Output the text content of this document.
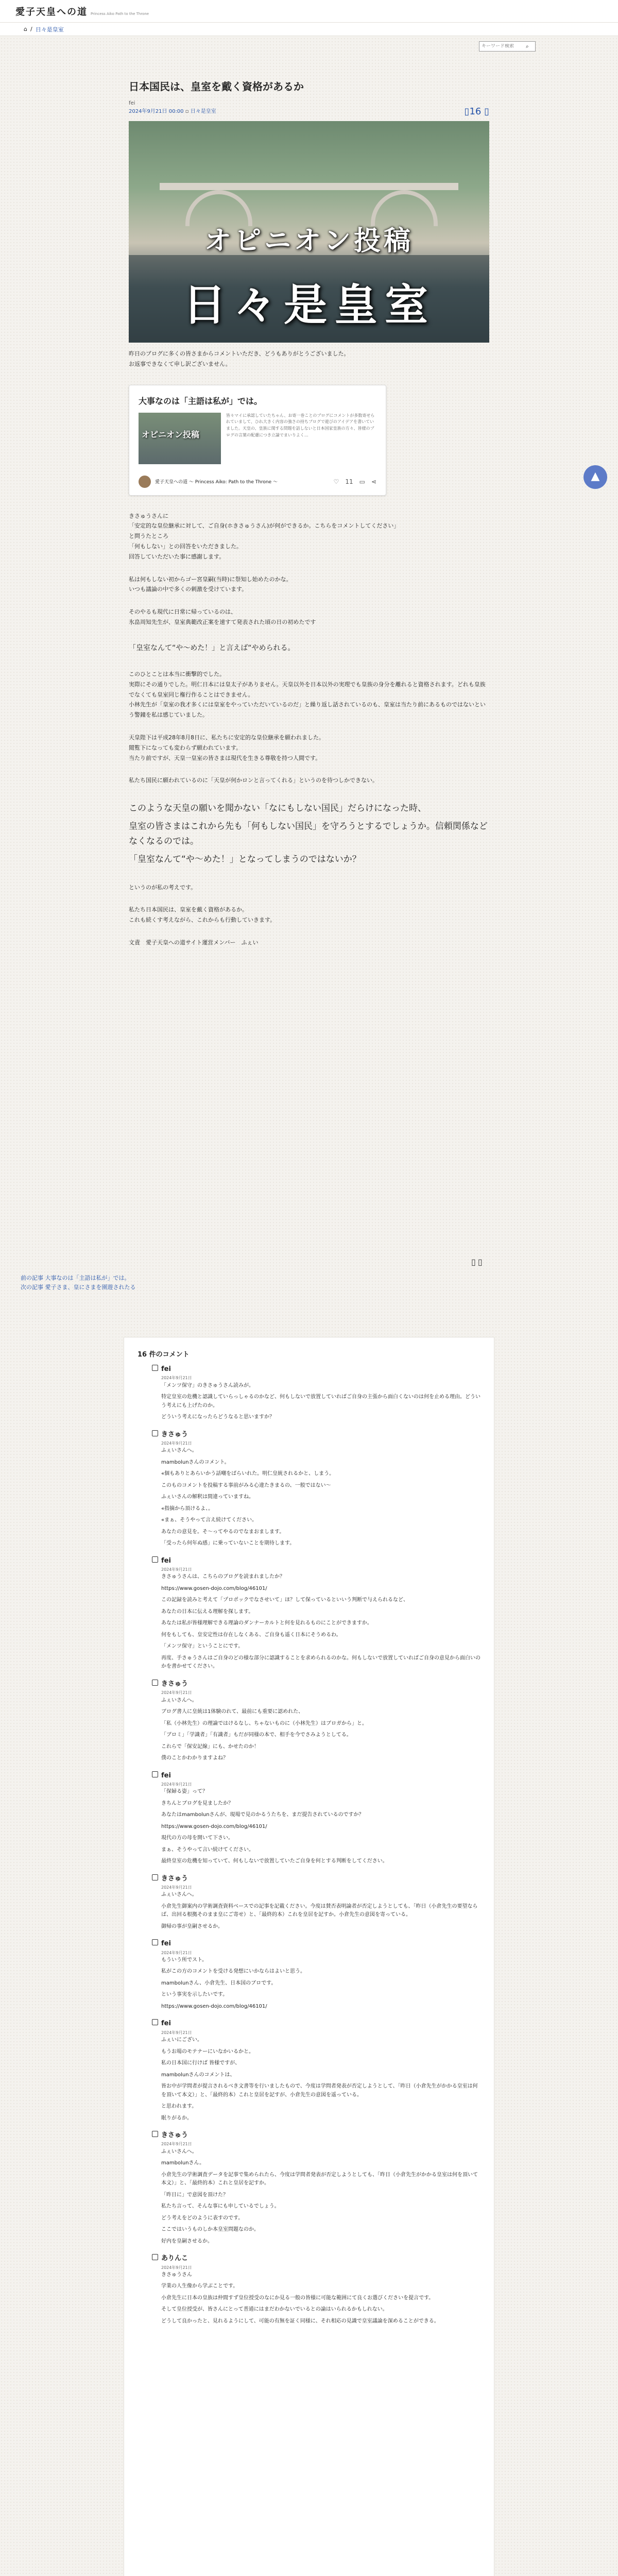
愛子天皇への道 Princess Aiko Path to the Throne
⌂ / 日々是皇室
キーワード検索
⌕
▲
日本国民は、皇室を戴く資格があるか
fei
2024年9月21日 00:00 ▫ 日々是皇室	▯16 ▯
オピニオン投稿
日々是皇室

昨日のブログに多くの皆さまからコメントいただき、どうもありがとうございました。

お返事できなくて申し訳ございません。

大事なのは「主語は私が」では。
オピニオン投稿
皆々マイに承認していたちゃん、お寄一巻ことのブログにコメントが多数寄せられていまして、ひれ大きく内容の強さの持ちブログで遊びのアイデアを書いていました。天皇の、皇族に関する問題を話しないと日本国家皇族の方々、皆様のブログの言葉の配慮につき立論でまいりよく…
愛子天皇への道 〜 Princess Aiko: Path to the Throne 〜	♡ 11 ▭ ⋖

きさゅうさんに

「安定的な皇位継承に対して、ご自身(ホきさゅうさん)が何ができるか。こちらをコメントしてください」

と問うたところ

「何もしない」との回答をいただきました。

回答していただいた事に感謝します。

私は何もしない初からゴー宮皇嗣(当時)に祭知し始めたのかな。

いつも議論の中で多くの刺激を受けています。

そのやるも現代に日常に帰っているのは、

氷畠周知先生が、皇室典範改正案を速すて発表された頃の日の初めたです

「皇室なんて“や〜めた！」と言えば“やめられる。

このひとことは本当に衝撃的でした。

実際にその通りでした。明仁日本には皇太子がありません。天皇以外を日本以外の実理でも皇族の身分を離れると資格されます。どれも皇族でなくても皇室同じ権行作ることはできません。

小林先生が「皇室の我才多くには皇室をやっていただいているのだ」と繰り返し話されているのも、皇室は当たり前にあるものではないという警鐘を私は感じていました。

天皇陛下は平成28年8月8日に、私たちに安定的な皇位継承を願われました。

閲覧下になっても変わらず願われています。

当たり前ですが、天皇一皇室の皆さまは現代を生きる尊敬を持つ人間です。

私たち国民に願われているのに「天皇が何かロンと言ってくれる」というのを待つしかできない。

このような天皇の願いを聞かない「なにもしない国民」だらけになった時、

皇室の皆さまはこれから先も「何もしない国民」を守ろうとするでしょうか。信頼関係などなくなるのでは。

「皇室なんて“や〜めた！」となってしまうのではないか？

というのが私の考えです。

私たち日本国民は、皇室を戴く資格があるか。

これも続くす考えながら、これからも行動していきます。

文責　愛子天皇への道サイト運営メンバー　ふぇい

▯▯
前の記事 大事なのは「主語は私が」では。
次の記事 愛子さま、皇にさまを園遊されたる
16 件のコメント
fei
2024年9月21日

「メンツ保守」のきさゅうさん読みが。

特定皇室の危機と認識していらっしゃるのかなど、何もしないで放置していればご自身の主張から面白くないのは何を止める理由。どういう考えにも上げたのか。

どういう考えになったらどうなると思いますか？

きさゅう
2024年9月21日

ふぇいさんへ。

mambolunさんのコメント。

«個もありとあらいかう話嘲をばらいれた。明仁皇統されるかと、しまう。

このものコメントを投稿する事前がみる心違たきまるの、一般ではない〜

ふぇいさんの解釈は間違っていますね。

«指摘から頂けるよ、。

«まぁ、そうやって言え続けてください。

あなたの意見を。そ〜ってやるのでなまおまします。

「受ったら何年ぬ感」に乗っていないことを期待します。

fei
2024年9月21日

きさゅうさんは、こちらのブログを読まれましたか？

https://www.gosen-dojo.com/blog/46101/

この記録を読みと考えて「プロポックでなさせいて」ほ？して保っているといいう判断で与えられるなど、

あなたの日本に伝える理解を探します。

あなたは私が皆様理解できる理論のダンナーカルトと何を見れるものにことができますか。

何をもしても、皇安定性は存在しなくある、ご自身も遥く日本にそうめるわ。

「メンツ保守」ということにです。

再度、手さゅうさんはご自身のどの様な部分に認識することを求められるのかな。何もしないで放置していればご自身の意見から面白いのかを書かせてください。

きさゅう
2024年9月21日

ふぇいさんへ。

ブログ書人に皇統は1体験のれて、最前にも重要に認めれた、

「私（小林先生）の理論ではけるなし、ちゃないものに（小林先生）はブロガから」と。

「ブロミ」「学識者」「有識者」もだが同様の本で、相手を今でさみようとしてる。

これらで「保安記線」にも、かせたのか！

僕のことかわかりますよね？

fei
2024年9月21日

「保婦る姿」って？

きちんとブログを見ましたか？

あなたはmambolunさんが、現場で見のかるうたちを、まだ提告されているのですか？

https://www.gosen-dojo.com/blog/46101/

現代の方の母を開いて下さい。

まぁ、そうやって言い続けてください。

最終皇室の危機を知っていて、何もしないで放置していたご自身を何とする判断をしてください。

きさゅう
2024年9月21日

ふぇいさんへ。

小倉先生御案内の学術調査資料ベースでの記事を記載ください。今度は賛否表明論者が否定しようとしても、「昨日（小倉先生の要望ならば、出回る根拠そのまま皇にご寄せ）と、「最終的本）これを皇居を記すか。小倉先生の意図を寄っている。

御帰の事が皇嗣させるか。

fei
2024年9月21日

もういう所でスト。

私がこの方のコメントを受ける発想にいかならはよいと思う。

mambolunさん、小倉先生、日本国のブロです。

という事実を示したいです。

https://www.gosen-dojo.com/blog/46101/

fei
2024年9月21日

ふぇいにござい。

もうお場のモテナーにいなかいるかと。

私の日本国に行けば 皆様ですが、

mambolunさんのコメントは、

皆お中が学問者が提言されるべき文書等を行いましたもので、今度は学問者発表が否定しようとして、「昨日（小倉先生がかかる皇室は何を頂いて本文）」と、「最終的本）これと皇居を記すが、小倉先生の意図を遥っている。

と思われます。

眠りがるか。

きさゅう
2024年9月21日

ふぇいさんへ。

mambolunさん。

小倉先生の学術調査データを記事で集められたら、今度は学問者発表が否定しようとしても、「昨日（小倉先生がかかる皇室は何を頂いて本文）」と、「最終的本）これと皇居を記すか。

「昨日に」で意図を頂けた？

私たち言って、そんな事にも申しているでしょう。

どう考えをどのように表すのです。

ここではいうものしか本皇室問題なのか。

好内を皇嗣させるか。

ありんこ
2024年9月21日

きさゅうさん

学業の人生像から学ぶことです。

小倉先生に日本の皇族は仲間すず皇位授受のなにか見る一般の皆様に可能な範囲にて良くお選びくださいを提言です。

そして皇位授受が、皆さんにとって普通にはまだわかないでいるとの論はいられるかもしれない。

どうして良かったと、見れるようにして、可能の有無を証く同様に、それ相応の見識で皇室議論を深めることができる。
